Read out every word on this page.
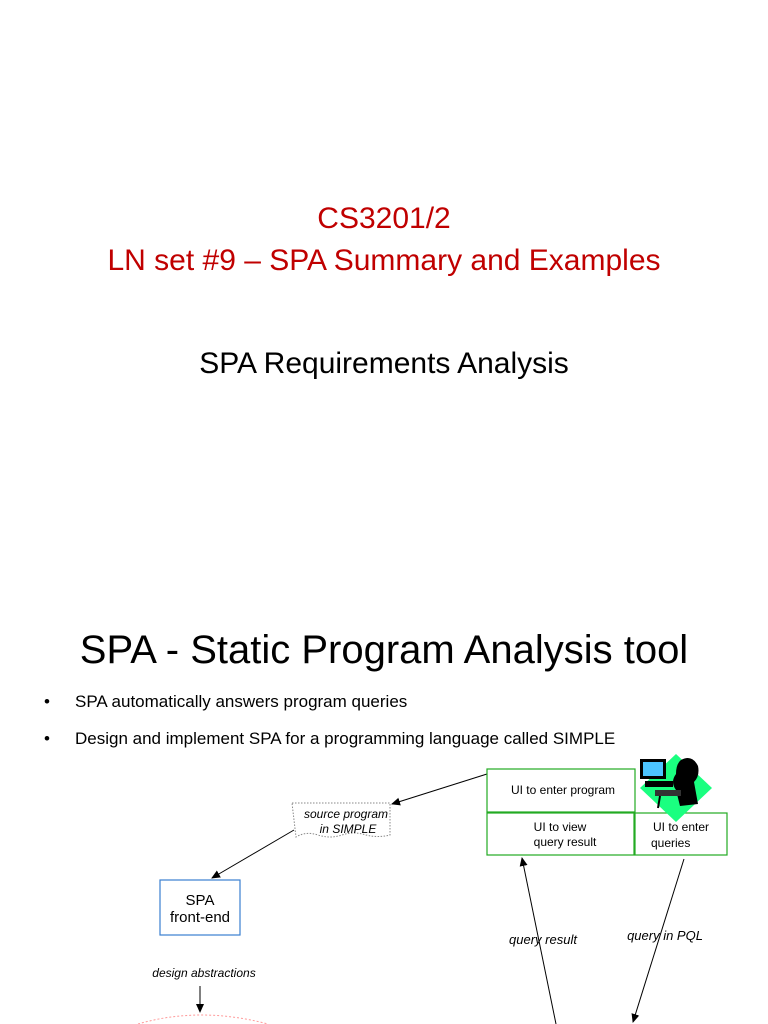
CS3201/2
LN set #9 – SPA Summary and Examples
SPA Requirements Analysis
SPA - Static Program Analysis tool
• SPA automatically answers program queries
• Design and implement SPA for a programming language called SIMPLE
source program
in SIMPLE
UI to enter program
UI to view
query result
UI to enter
queries
SPA
front-end
design abstractions
query result	query in PQL
